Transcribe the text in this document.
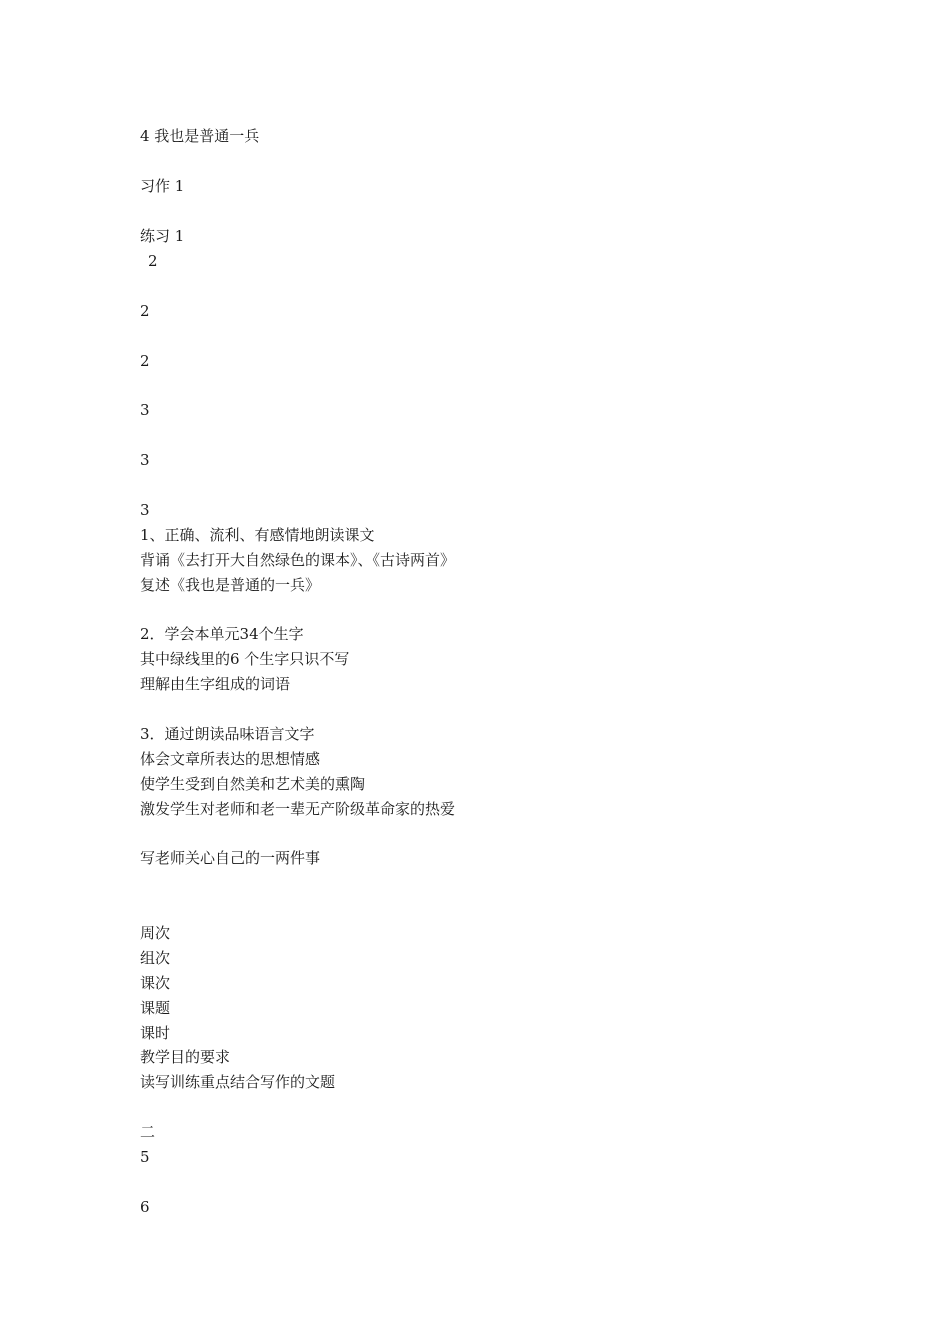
4 我也是普通一兵
习作 1
练习 1
2
2
2
3
3
3
1、正确、流利、有感情地朗读课文
背诵《去打开大自然绿色的课本》、《古诗两首》
复述《我也是普通的一兵》
2．学会本单元34个生字
其中绿线里的6 个生字只识不写
理解由生字组成的词语
3．通过朗读品味语言文字
体会文章所表达的思想情感
使学生受到自然美和艺术美的熏陶
激发学生对老师和老一辈无产阶级革命家的热爱
写老师关心自己的一两件事
周次
组次
课次
课题
课时
教学目的要求
读写训练重点结合写作的文题
二
5
6
